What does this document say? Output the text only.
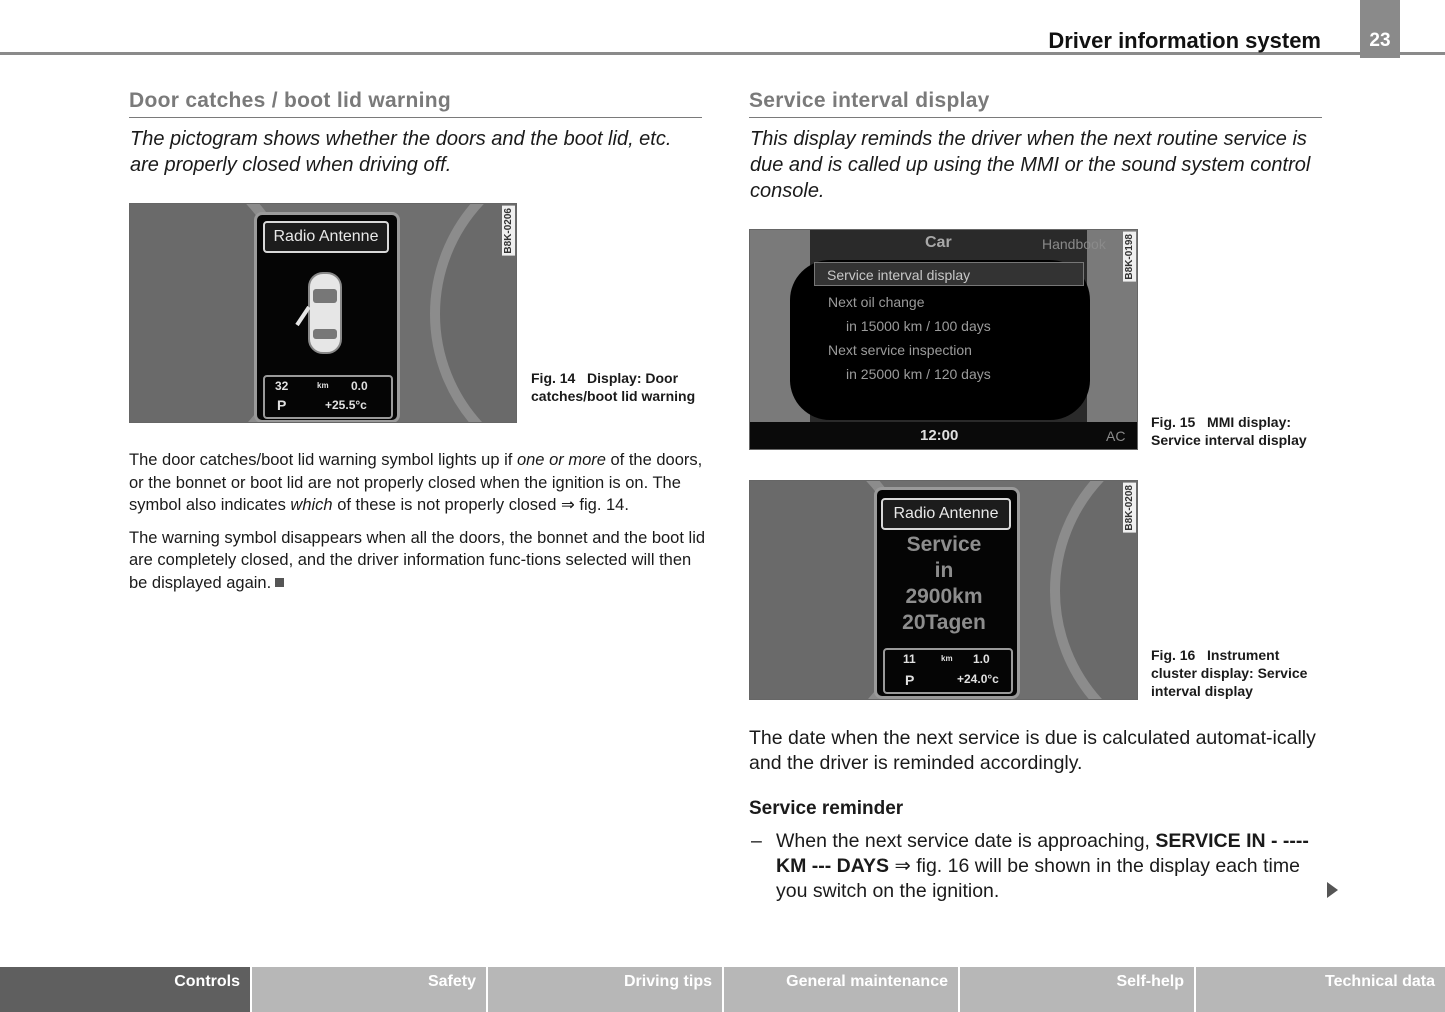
Driver information system	23
Door catches / boot lid warning
The pictogram shows whether the doors and the boot lid, etc. are properly closed when driving off.
Radio Antenne
32	km 0.0
P	+25.5°c
B8K-0206
Fig. 14 Display: Door catches/boot lid warning

The door catches/boot lid warning symbol lights up if one or more of the doors, or the bonnet or boot lid are not properly closed when the ignition is on. The symbol also indicates which of these is not properly closed ⇒ fig. 14.

The warning symbol disappears when all the doors, the bonnet and the boot lid are completely closed, and the driver information func-tions selected will then be displayed again.

Service interval display
This display reminds the driver when the next routine service is due and is called up using the MMI or the sound system control console.
Car	Handbook
Service interval display
Next oil change
in 15000 km / 100 days
Next service inspection
in 25000 km / 120 days
12:00	AC
B8K-0198
Fig. 15 MMI display: Service interval display
Radio Antenne
Service
in
2900km
20Tagen
11	km 1.0
P	+24.0°c
B8K-0208
Fig. 16 Instrument cluster display: Service interval display
The date when the next service is due is calculated automat-ically and the driver is reminded accordingly.
Service reminder
– When the next service date is approaching, SERVICE IN - ---- KM --- DAYS ⇒ fig. 16 will be shown in the display each time you switch on the ignition.
Controls	Safety	Driving tips	General maintenance	Self-help	Technical data
